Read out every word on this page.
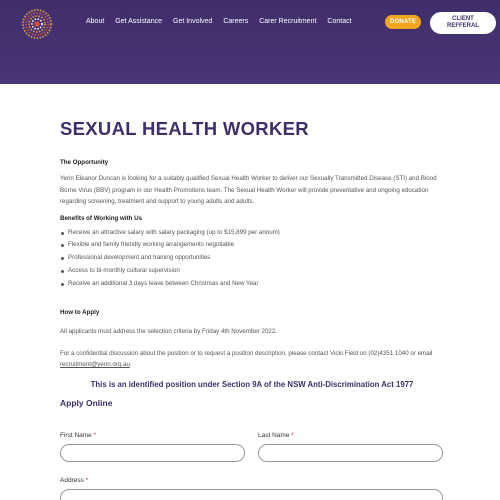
About Get Assistance Get Involved Careers Carer Recruitment Contact	DONATE	CLIENT REFFERAL
SEXUAL HEALTH WORKER
The Opportunity
Yerin Eleanor Duncan is looking for a suitably qualified Sexual Health Worker to deliver our Sexually Transmitted Disease (STI) and Blood Borne Virus (BBV) program in our Health Promotions team. The Sexual Health Worker will provide preventative and ongoing education regarding screening, treatment and support to young adults and adults.
Benefits of Working with Us
Receive an attractive salary with salary packaging (up to $15,899 per annum)
Flexible and family friendly working arrangements negotiable
Professional development and training opportunities
Access to bi-monthly cultural supervision
Receive an additional 3 days leave between Christmas and New Year
How to Apply
All applicants must address the selection criteria by Friday 4th November 2022.
For a confidential discussion about the position or to request a position description, please contact Vicki Field on (02)4351 1040 or email recruitment@yerin.org.au.
This is an identified position under Section 9A of the NSW Anti-Discrimination Act 1977
Apply Online
First Name *	Last Name *
Address *
